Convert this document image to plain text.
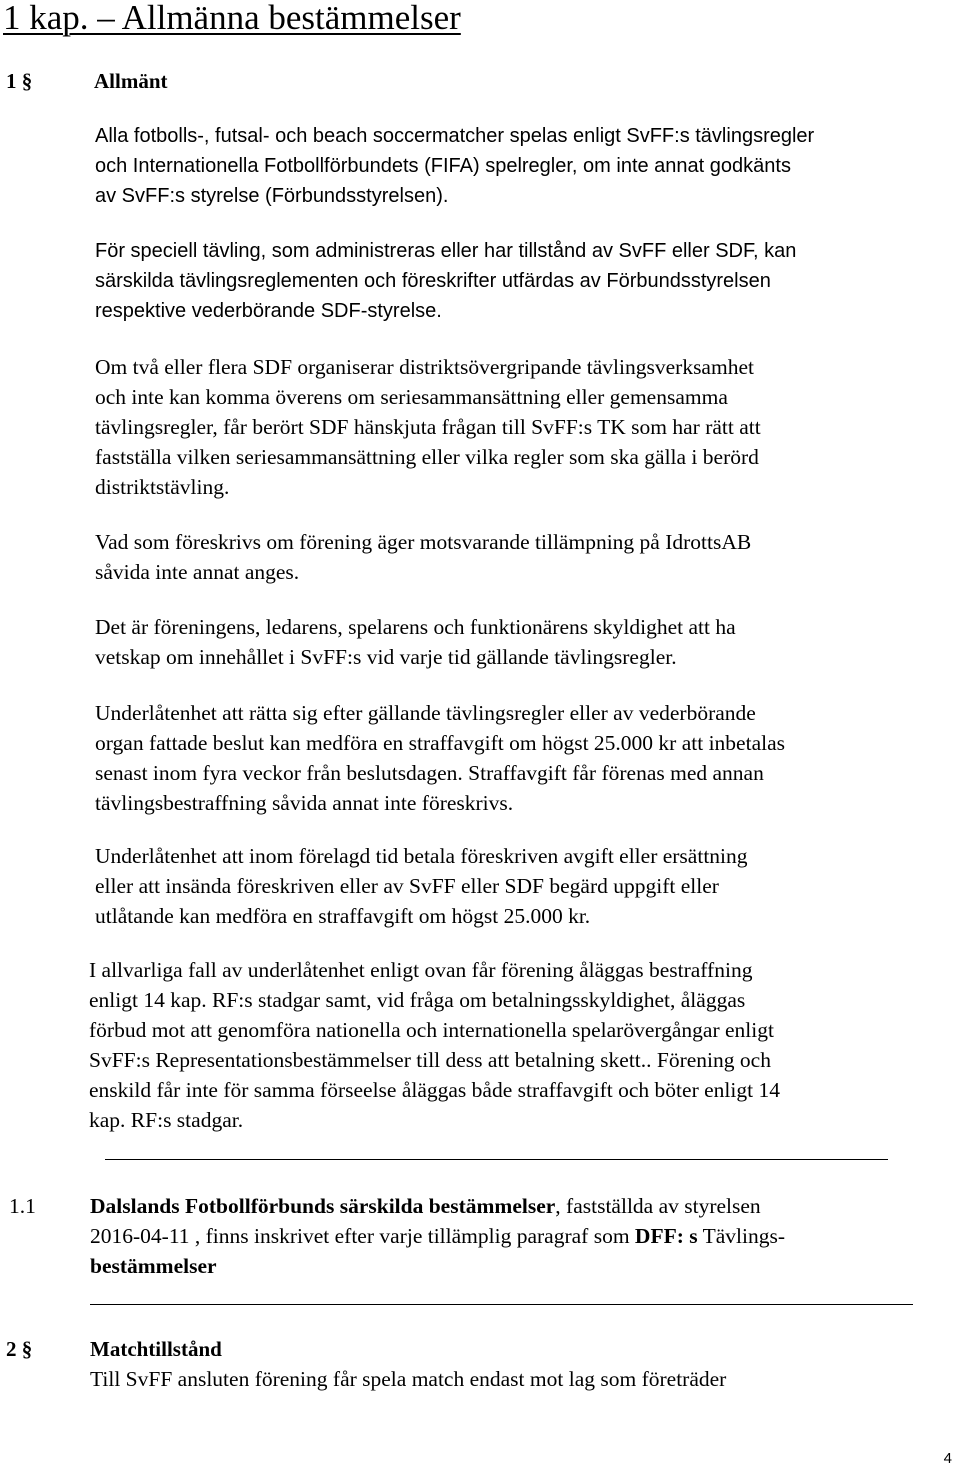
1 kap. – Allmänna bestämmelser
1 §	Allmänt

Alla fotbolls-, futsal- och beach soccermatcher spelas enligt SvFF:s tävlingsregler
och Internationella Fotbollförbundets (FIFA) spelregler, om inte annat godkänts
av SvFF:s styrelse (Förbundsstyrelsen).

För speciell tävling, som administreras eller har tillstånd av SvFF eller SDF, kan
särskilda tävlingsreglementen och föreskrifter utfärdas av Förbundsstyrelsen
respektive vederbörande SDF-styrelse.

Om två eller flera SDF organiserar distriktsövergripande tävlingsverksamhet
och inte kan komma överens om seriesammansättning eller gemensamma
tävlingsregler, får berört SDF hänskjuta frågan till SvFF:s TK som har rätt att
fastställa vilken seriesammansättning eller vilka regler som ska gälla i berörd
distriktstävling.

Vad som föreskrivs om förening äger motsvarande tillämpning på IdrottsAB
såvida inte annat anges.

Det är föreningens, ledarens, spelarens och funktionärens skyldighet att ha
vetskap om innehållet i SvFF:s vid varje tid gällande tävlingsregler.

Underlåtenhet att rätta sig efter gällande tävlingsregler eller av vederbörande
organ fattade beslut kan medföra en straffavgift om högst 25.000 kr att inbetalas
senast inom fyra veckor från beslutsdagen. Straffavgift får förenas med annan
tävlingsbestraffning såvida annat inte föreskrivs.

Underlåtenhet att inom förelagd tid betala föreskriven avgift eller ersättning
eller att insända föreskriven eller av SvFF eller SDF begärd uppgift eller
utlåtande kan medföra en straffavgift om högst 25.000 kr.

I allvarliga fall av underlåtenhet enligt ovan får förening åläggas bestraffning
enligt 14 kap. RF:s stadgar samt, vid fråga om betalningsskyldighet, åläggas
förbud mot att genomföra nationella och internationella spelarövergångar enligt
SvFF:s Representationsbestämmelser till dess att betalning skett.. Förening och
enskild får inte för samma förseelse åläggas både straffavgift och böter enligt 14
kap. RF:s stadgar.

1.1	Dalslands Fotbollförbunds särskilda bestämmelser, fastställda av styrelsen
2016-04-11 , finns inskrivet efter varje tillämplig paragraf som DFF: s Tävlings-
bestämmelser

2 §	Matchtillstånd

Till SvFF ansluten förening får spela match endast mot lag som företräder

4
